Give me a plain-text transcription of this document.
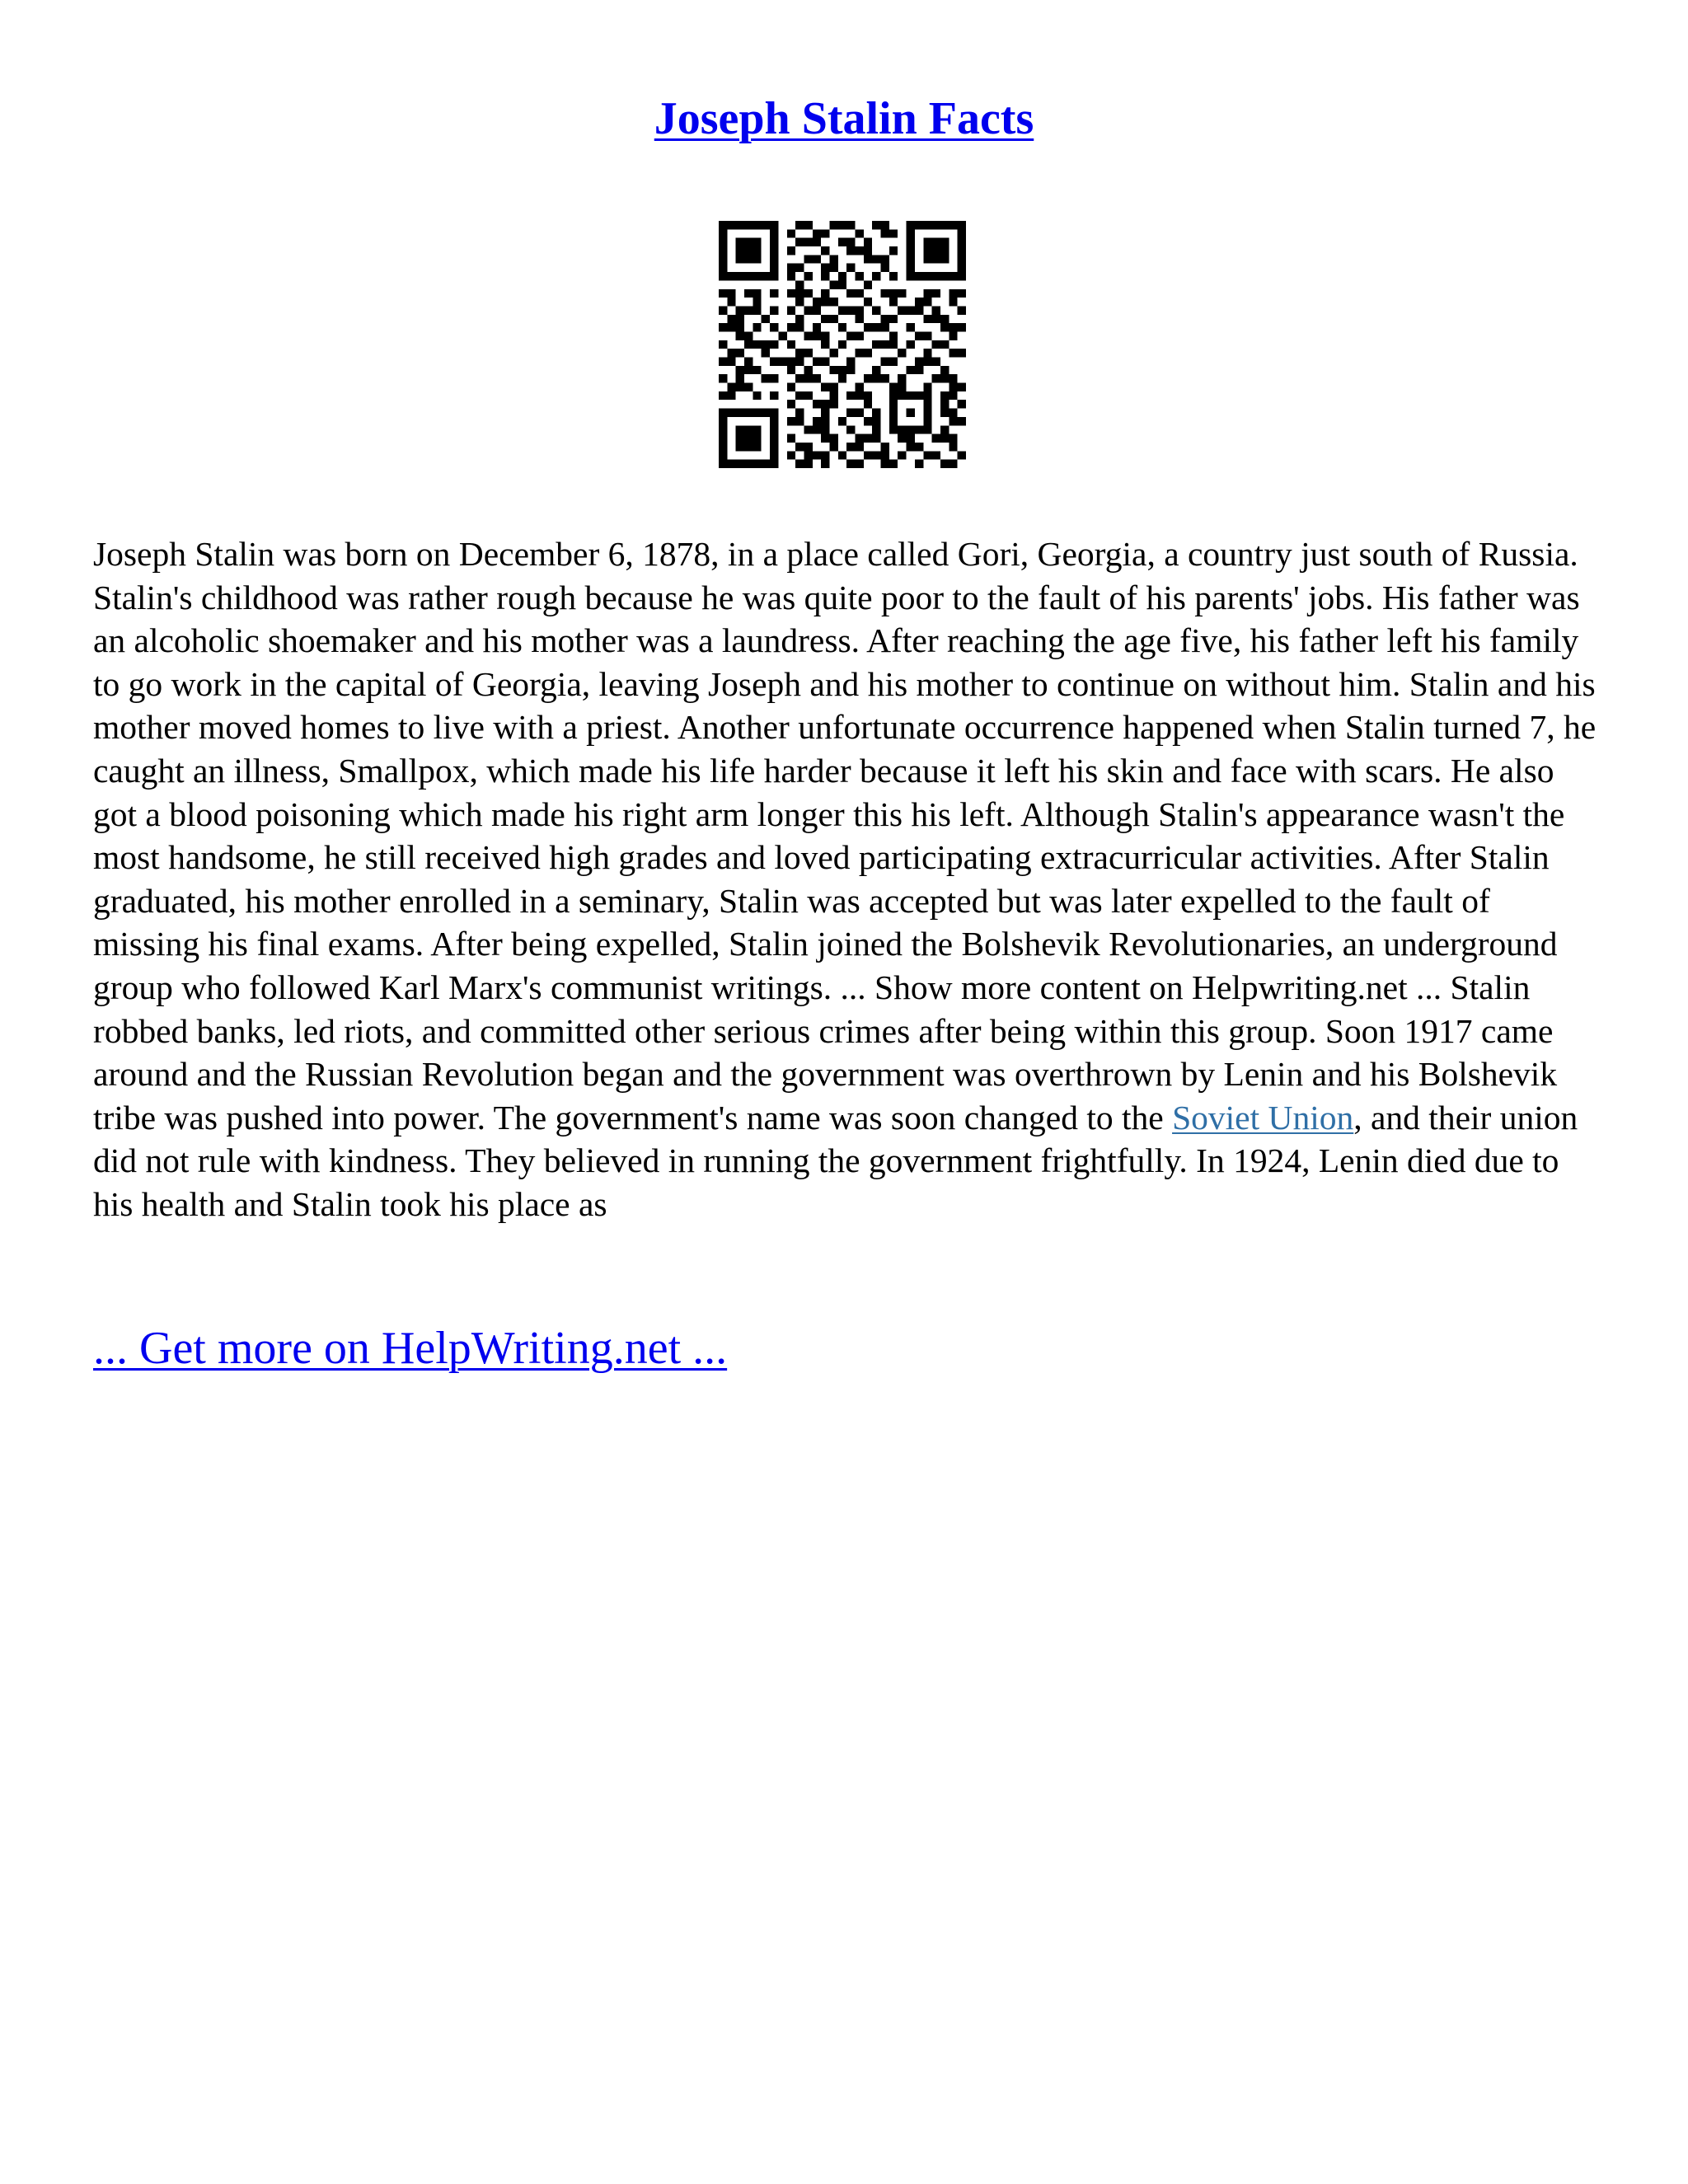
Joseph Stalin Facts

Joseph Stalin was born on December 6, 1878, in a place called Gori, Georgia, a country just south of Russia. Stalin's childhood was rather rough because he was quite poor to the fault of his parents' jobs. His father was an alcoholic shoemaker and his mother was a laundress. After reaching the age five, his father left his family to go work in the capital of Georgia, leaving Joseph and his mother to continue on without him. Stalin and his mother moved homes to live with a priest. Another unfortunate occurrence happened when Stalin turned 7, he caught an illness, Smallpox, which made his life harder because it left his skin and face with scars. He also got a blood poisoning which made his right arm longer this his left. Although Stalin's appearance wasn't the most handsome, he still received high grades and loved participating extracurricular activities. After Stalin graduated, his mother enrolled in a seminary, Stalin was accepted but was later expelled to the fault of missing his final exams. After being expelled, Stalin joined the Bolshevik Revolutionaries, an underground group who followed Karl Marx's communist writings. ... Show more content on Helpwriting.net ... Stalin robbed banks, led riots, and committed other serious crimes after being within this group. Soon 1917 came around and the Russian Revolution began and the government was overthrown by Lenin and his Bolshevik tribe was pushed into power. The government's name was soon changed to the Soviet Union, and their union did not rule with kindness. They believed in running the government frightfully. In 1924, Lenin died due to his health and Stalin took his place as

... Get more on HelpWriting.net ...
